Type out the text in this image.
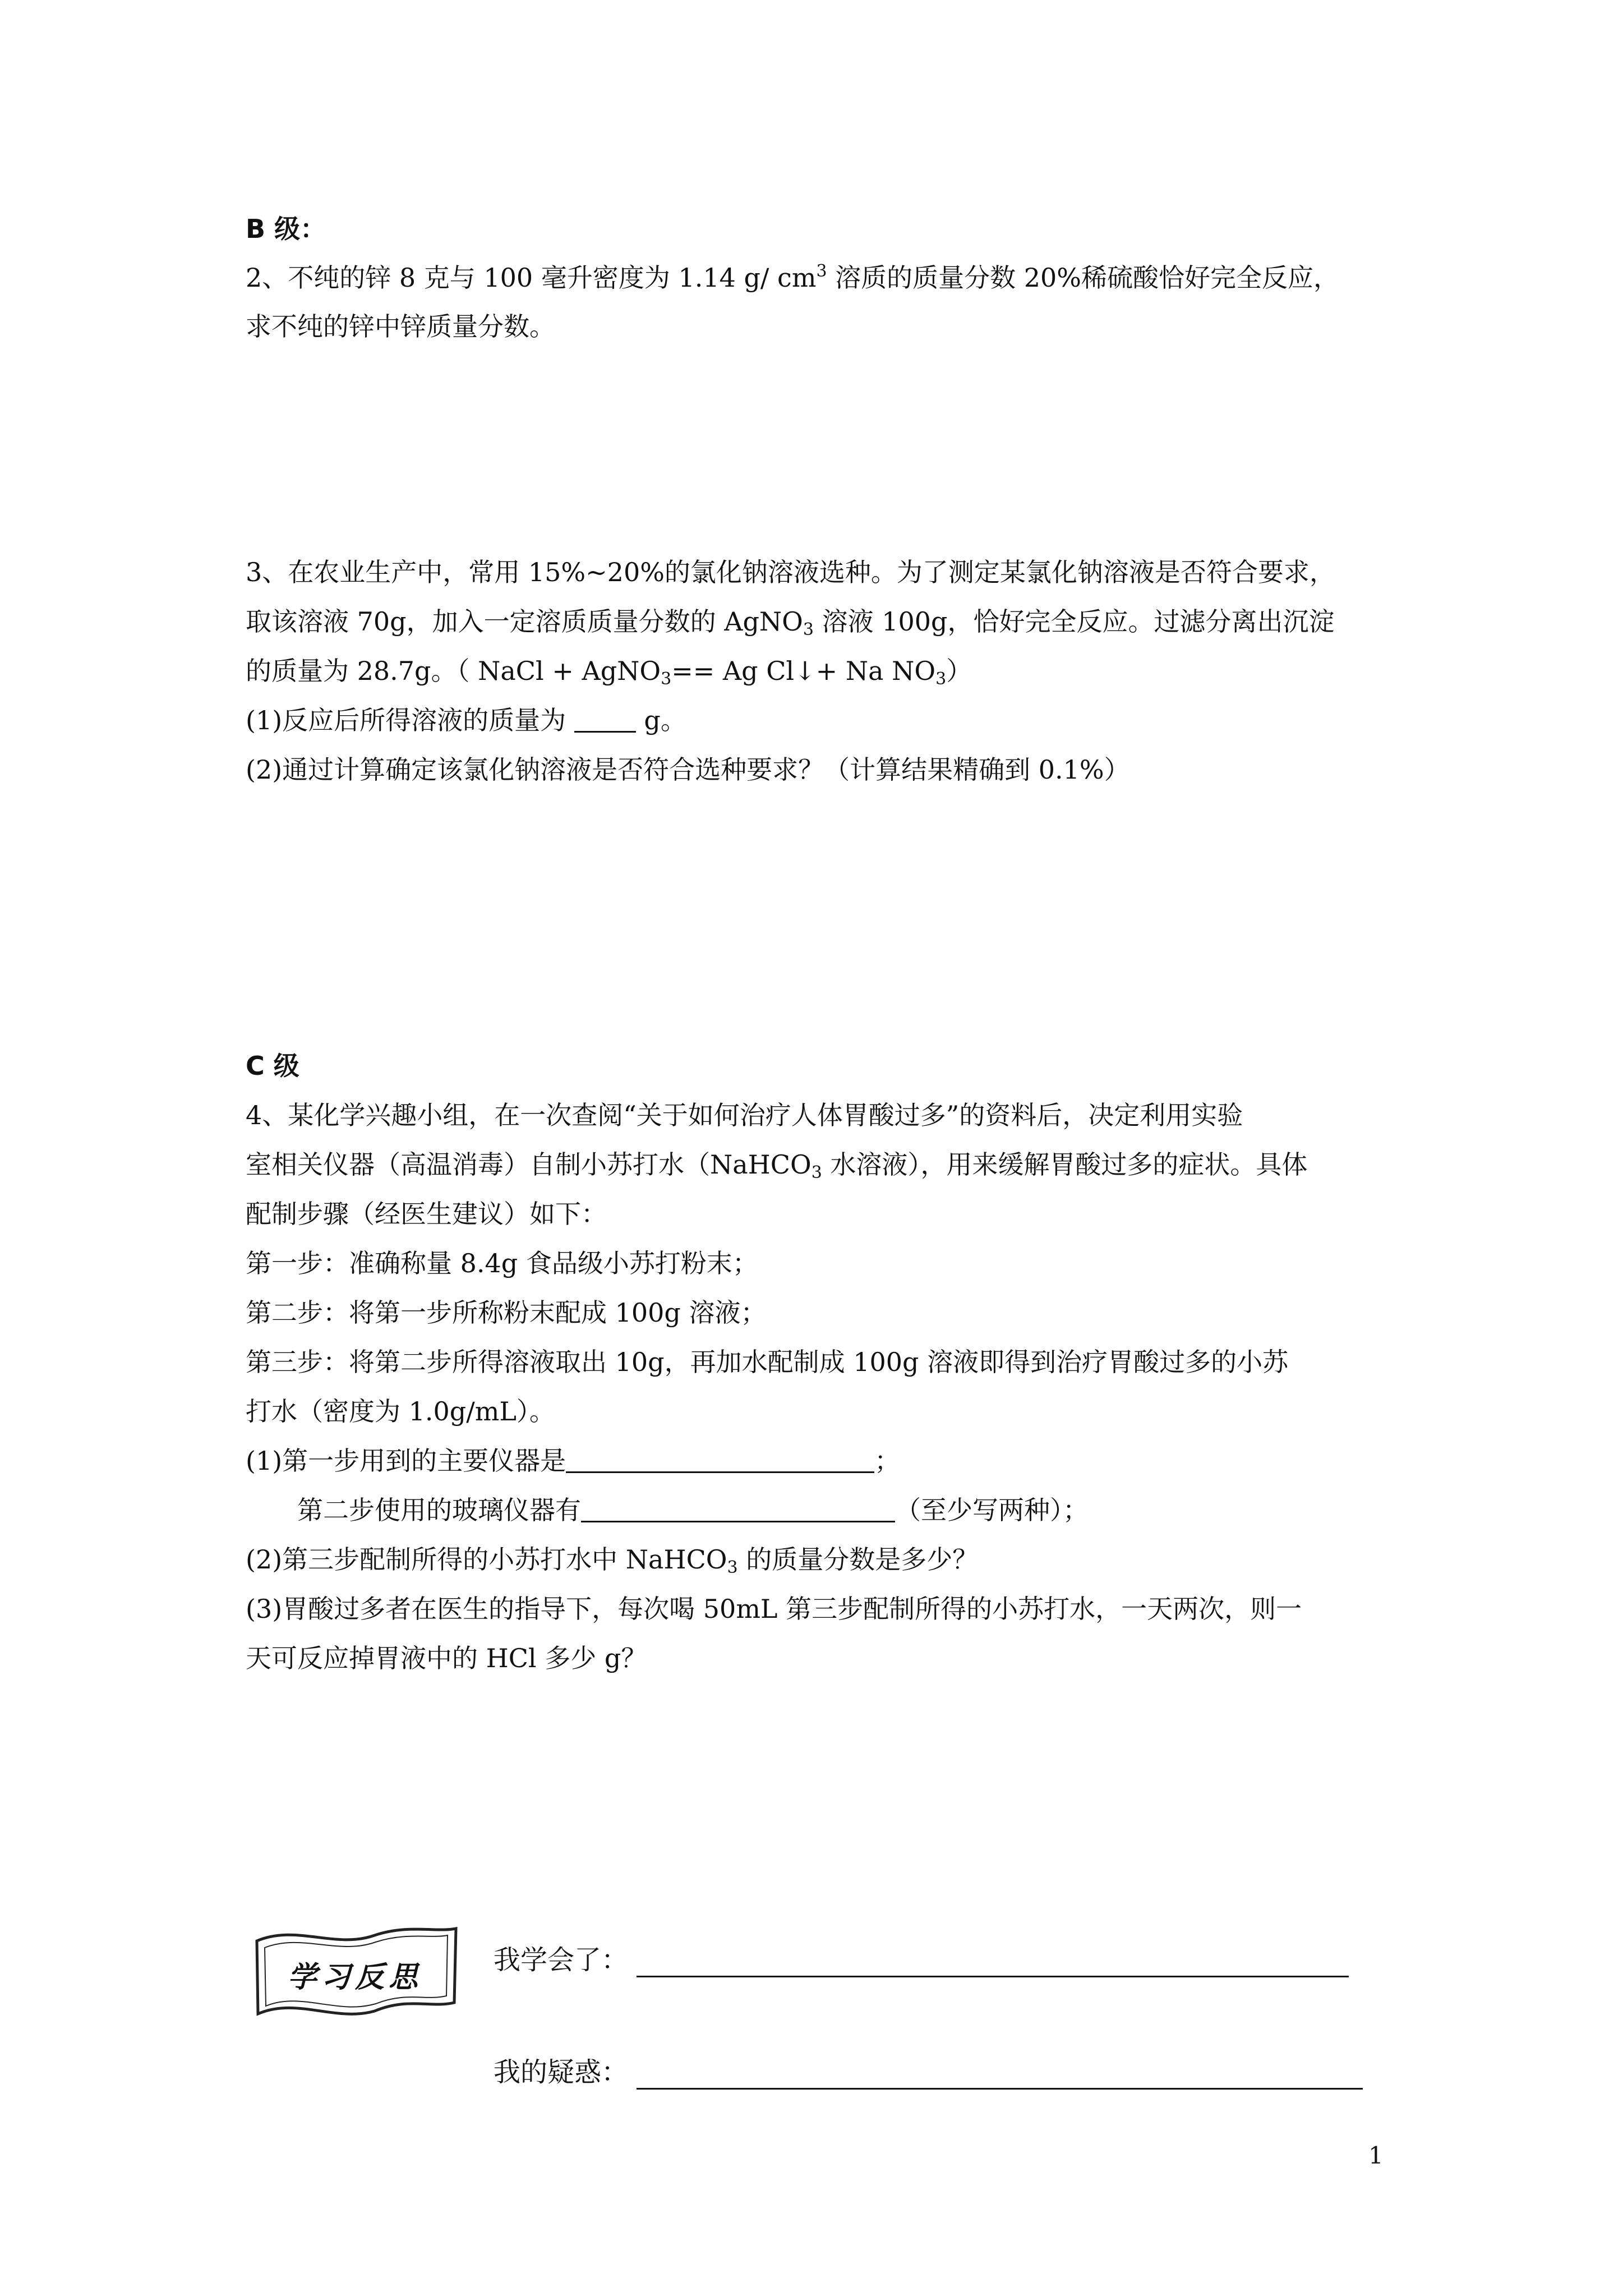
B 级：

2、不纯的锌 8 克与 100 毫升密度为 1.14 g/ $cm^3$ 溶质的质量分数 20%稀硫酸恰好完全反应，

求不纯的锌中锌质量分数。

3、在农业生产中，常用 15%~20%的氯化钠溶液选种。为了测定某氯化钠溶液是否符合要求，

取该溶液 70g，加入一定溶质质量分数的 AgNO$_3$ 溶液 100g，恰好完全反应。过滤分离出沉淀

的质量为 28.7g。（ NaCl + AgNO$_3$== Ag Cl↓+ Na $NO_3$）

(1)反应后所得溶液的质量为  g。

(2)通过计算确定该氯化钠溶液是否符合选种要求？（计算结果精确到 0.1%）

C 级

4、某化学兴趣小组，在一次查阅“关于如何治疗人体胃酸过多”的资料后，决定利用实验

室相关仪器（高温消毒）自制小苏打水（NaHCO$_3$ 水溶液），用来缓解胃酸过多的症状。具体

配制步骤（经医生建议）如下：

第一步：准确称量 8.4g 食品级小苏打粉末；

第二步：将第一步所称粉末配成 100g 溶液；

第三步：将第二步所得溶液取出 10g，再加水配制成 100g 溶液即得到治疗胃酸过多的小苏

打水（密度为 1.0g/mL）。

(1)第一步用到的主要仪器是	；

第二步使用的玻璃仪器有	（至少写两种）；

(2)第三步配制所得的小苏打水中 NaHCO$_3$ 的质量分数是多少？

(3)胃酸过多者在医生的指导下，每次喝 50mL 第三步配制所得的小苏打水，一天两次，则一

天可反应掉胃液中的 HCl 多少 g？

学习反思	我学会了：
我的疑惑：
1
